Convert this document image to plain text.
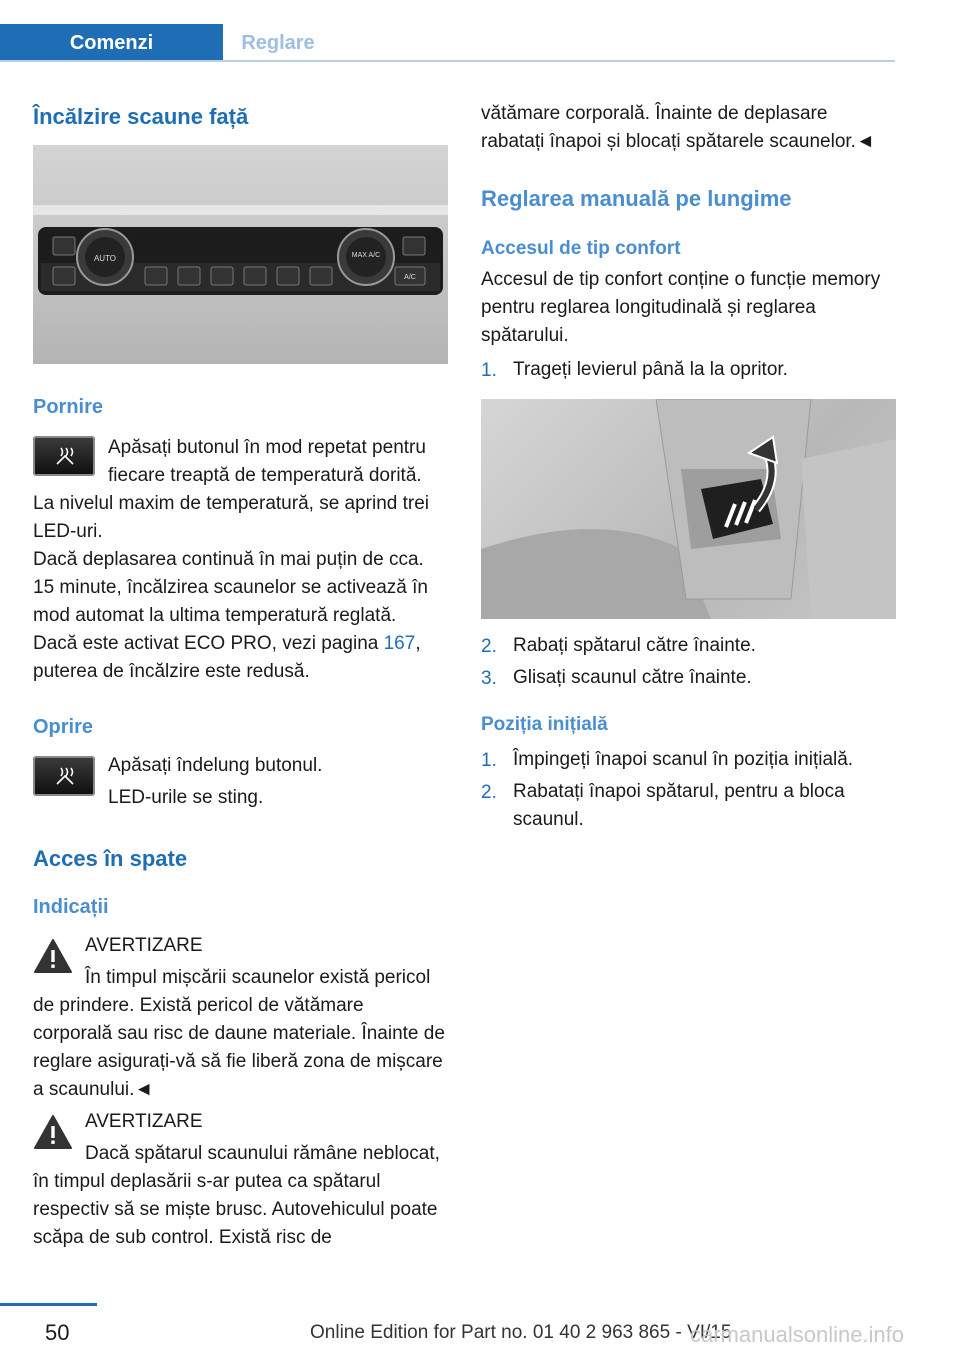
Comenzi	Reglare
Încălzire scaune față
AUTO	MAX A/C
A/C
Pornire
Apăsați butonul în mod repetat pentru fiecare treaptă de temperatură dorită.
La nivelul maxim de temperatură, se aprind trei LED-uri.
Dacă deplasarea continuă în mai puțin de cca. 15 minute, încălzirea scaunelor se activează în mod automat la ultima temperatură reglată.
Dacă este activat ECO PRO, vezi pagina 167, puterea de încălzire este redusă.
Oprire
Apăsați îndelung butonul.
LED-urile se sting.
Acces în spate
Indicații
AVERTIZARE
În timpul mișcării scaunelor există pericol de prindere. Există pericol de vătămare corporală sau risc de daune materiale. Înainte de reglare asigurați-vă să fie liberă zona de mișcare a scaunului.◄
AVERTIZARE
Dacă spătarul scaunului rămâne neblocat, în timpul deplasării s-ar putea ca spătarul respectiv să se miște brusc. Autovehiculul poate scăpa de sub control. Există risc de
vătămare corporală. Înainte de deplasare rabatați înapoi și blocați spătarele scaunelor.◄
Reglarea manuală pe lungime
Accesul de tip confort
Accesul de tip confort conține o funcție memory pentru reglarea longitudinală și reglarea spătarului.
1. Trageți levierul până la la opritor.
2. Rabați spătarul către înainte.
3. Glisați scaunul către înainte.
Poziția inițială
1. Împingeți înapoi scanul în poziția inițială.
2. Rabatați înapoi spătarul, pentru a bloca scaunul.
50	Online Edition for Part no. 01 40 2 963 865 - VI/15
carmanualsonline.info
